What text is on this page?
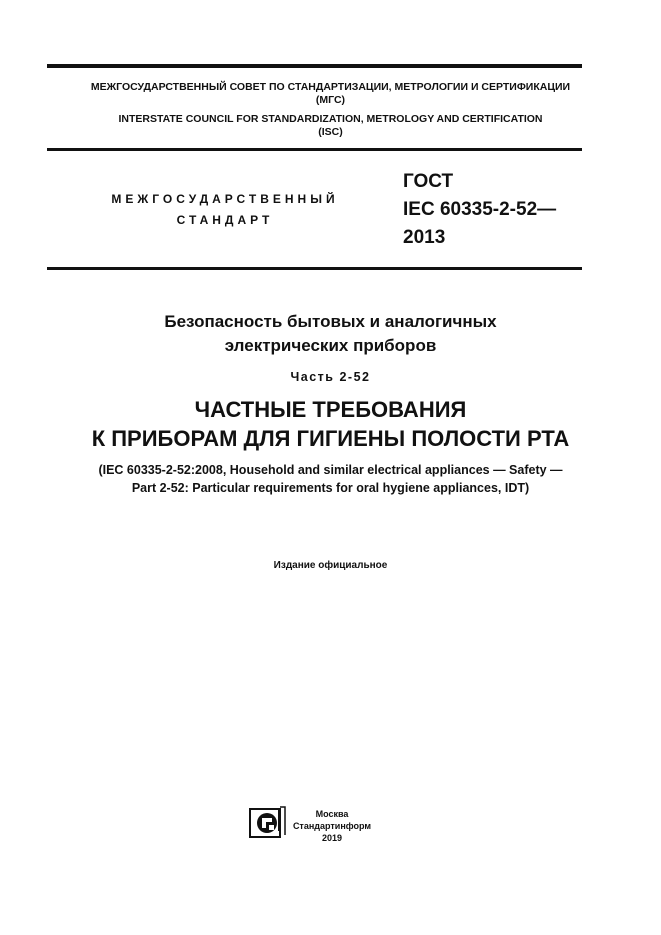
МЕЖГОСУДАРСТВЕННЫЙ СОВЕТ ПО СТАНДАРТИЗАЦИИ, МЕТРОЛОГИИ И СЕРТИФИКАЦИИ
(МГС)
INTERSTATE COUNCIL FOR STANDARDIZATION, METROLOGY AND CERTIFICATION
(ISC)
МЕЖГОСУДАРСТВЕННЫЙ
СТАНДАРТ
ГОСТ
IEC 60335-2-52—
2013
Безопасность бытовых и аналогичных
электрических приборов
Часть 2-52
ЧАСТНЫЕ ТРЕБОВАНИЯ
К ПРИБОРАМ ДЛЯ ГИГИЕНЫ ПОЛОСТИ РТА
(IEC 60335-2-52:2008, Household and similar electrical appliances — Safety —
Part 2-52: Particular requirements for oral hygiene appliances, IDT)
Издание официальное
Москва
Стандартинформ
2019
